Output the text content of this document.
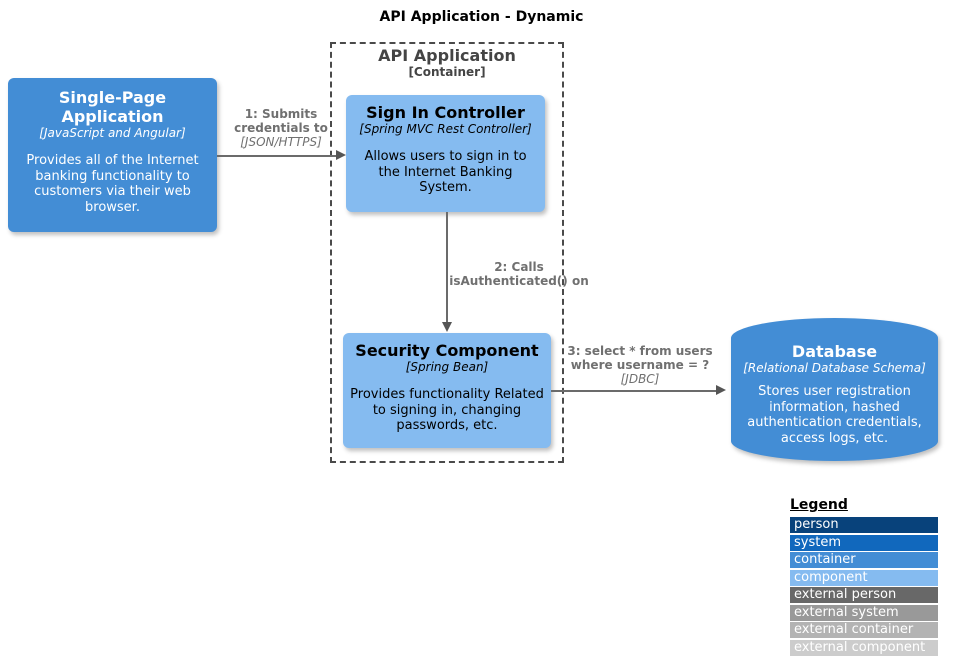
API Application - Dynamic
API Application
[Container]
Single-Page Application
[JavaScript and Angular]
Provides all of the Internet banking functionality to customers via their web browser.
Sign In Controller
[Spring MVC Rest Controller]
Allows users to sign in to the Internet Banking System.
Security Component
[Spring Bean]
Provides functionality Related to signing in, changing passwords, etc.
Database
[Relational Database Schema]
Stores user registration information, hashed authentication credentials, access logs, etc.
1: Submits credentials to
[JSON/HTTPS]
2: Calls isAuthenticated() on
3: select * from users where username = ?
[JDBC]
Legend
person
system
container
component
external person
external system
external container
external component
